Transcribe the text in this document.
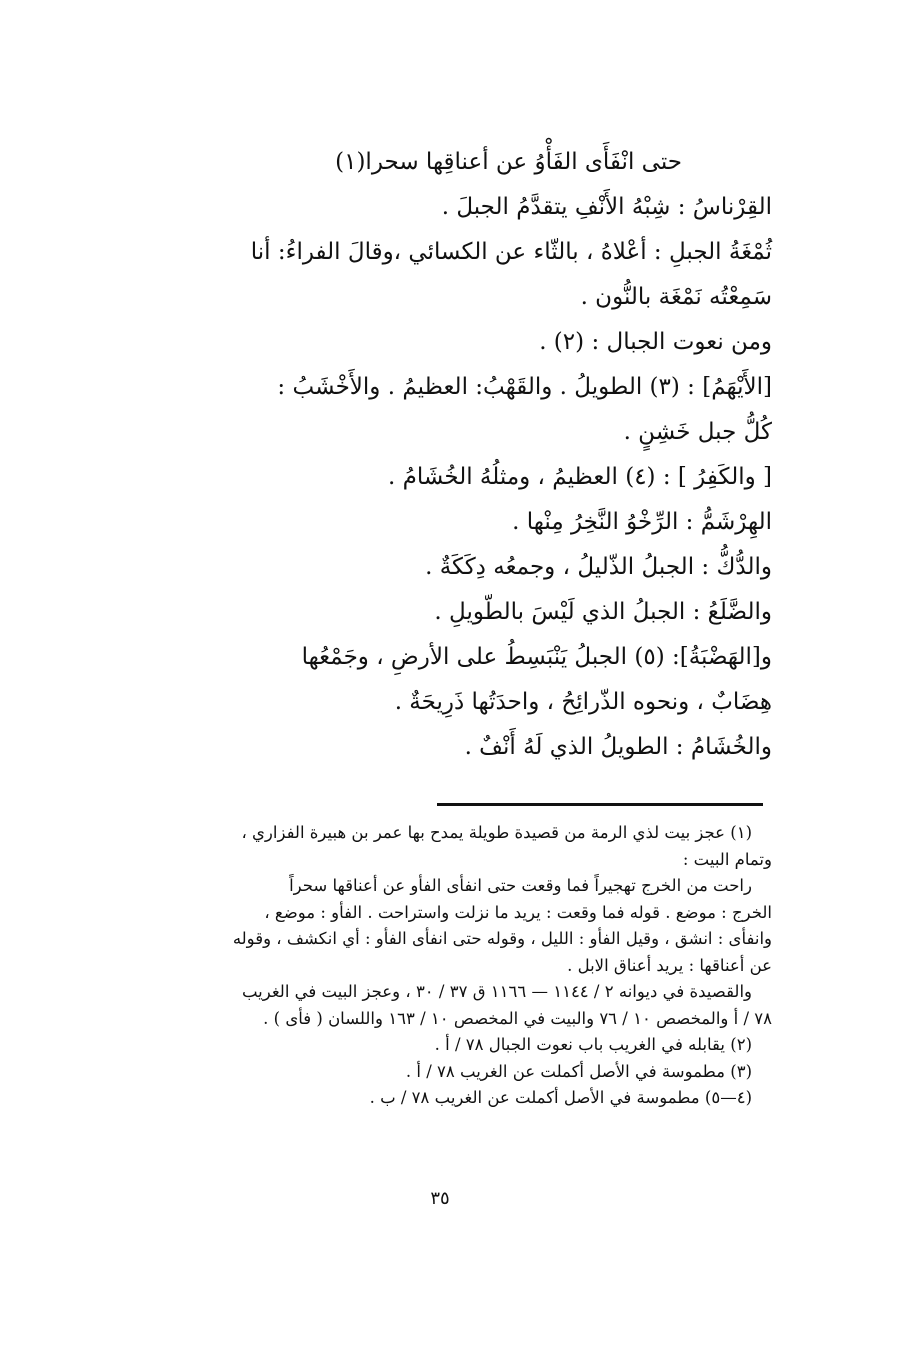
حتى انْفَأَى الفَأْوُ عن أعناقِها سحرا(١)
القِرْناسُ : شِبْهُ الأَنْفِ يتقدَّمُ الجبلَ .
ثُمْغَةُ الجبلِ : أعْلاهُ ، بالثّاء عن الكسائي ،وقالَ الفراءُ: أنا
سَمِعْتُه نَمْغَة بالنُّون .
ومن نعوت الجبال : (٢) .
[الأَيْهَمُ] : (٣) الطويلُ . والقَهْبُ: العظيمُ . والأَخْشَبُ :
كُلُّ جبل خَشِنٍ .
[ والكَفِرُ ] : (٤) العظيمُ ، ومثلُهُ الخُشَامُ .
الهِرْشَمُّ : الرِّخْوُ النَّخِرُ مِنْها .
والدُّكُّ : الجبلُ الذّليلُ ، وجمعُه دِكَكَةٌ .
والضَّلَعُ : الجبلُ الذي لَيْسَ بالطّويلِ .
و[الهَضْبَةُ]: (٥) الجبلُ يَنْبَسِطُ على الأرضِ ، وجَمْعُها
هِضَابٌ ، ونحوه الذّرائِحُ ، واحدَتُها ذَرِيحَةٌ .
والخُشَامُ : الطويلُ الذي لَهُ أَنْفٌ .
(١) عجز بيت لذي الرمة من قصيدة طويلة يمدح بها عمر بن هبيرة الفزاري ،
وتمام البيت :
راحت من الخرج تهجيراً فما وقعت حتى انفأى الفأو عن أعناقها سحراً
الخرج : موضع . قوله فما وقعت : يريد ما نزلت واستراحت . الفأو : موضع ،
وانفأى : انشق ، وقيل الفأو : الليل ، وقوله حتى انفأى الفأو : أي انكشف ، وقوله
عن أعناقها : يريد أعناق الابل .
والقصيدة في ديوانه ٢ / ١١٤٤ — ١١٦٦ ق ٣٧ / ٣٠ ، وعجز البيت في الغريب
٧٨ / أ والمخصص ١٠ / ٧٦ والبيت في المخصص ١٠ / ١٦٣ واللسان ( فأى ) .
(٢) يقابله في الغريب باب نعوت الجبال ٧٨ / أ .
(٣) مطموسة في الأصل أكملت عن الغريب ٧٨ / أ .
(٤—٥) مطموسة في الأصل أكملت عن الغريب ٧٨ / ب .
٣٥
